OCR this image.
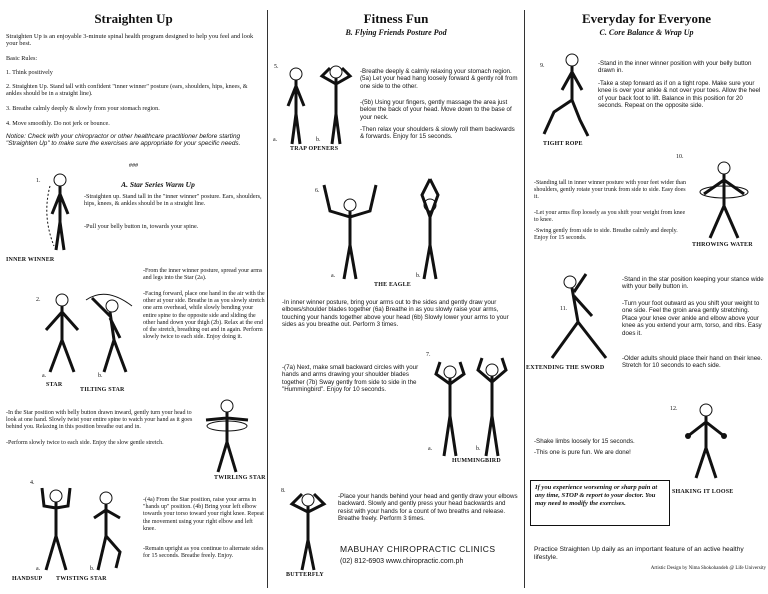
Straighten Up
Straighten Up is an enjoyable 3-minute spinal health program designed to help you feel and look your best.
Basic Rules:
1. Think positively
2. Straighten Up. Stand tall with confident "inner winner" posture (ears, shoulders, hips, knees, & ankles should be in a straight line).
3. Breathe calmly deeply & slowly from your stomach region.
4. Move smoothly. Do not jerk or bounce.
Notice: Check with your chiropractor or other healthcare practitioner before starting "Straighten Up" to make sure the exercises are appropriate for your specific needs.
###
1.	A. Star Series Warm Up
-Straighten up. Stand tall in the "inner winner" posture. Ears, shoulders, hips, knees, & ankles should be in a straight line.
-Pull your belly button in, towards your spine.
INNER WINNER
2.
a.	b.
-From the inner winner posture, spread your arms and legs into the Star (2a).
-Facing forward, place one hand in the air with the other at your side. Breathe in as you slowly stretch one arm overhead, while slowly bending your entire spine to the opposite side and sliding the other hand down your thigh (2b). Relax at the end of the stretch, breathing out and in again. Perform slowly twice to each side. Enjoy doing it.
STAR
TILTING STAR
-In the Star position with belly button drawn inward, gently turn your head to look at one hand. Slowly twist your entire spine to watch your hand as it goes behind you. Relaxing in this position breathe out and in.
-Perform slowly twice to each side. Enjoy the slow gentle stretch.
TWIRLING STAR
4.
a.	b.
-(4a) From the Star position, raise your arms in "hands up" position. (4b) Bring your left elbow towards your torso toward your right knee. Repeat the movement using your right elbow and left knee.
-Remain upright as you continue to alternate sides for 15 seconds. Breathe freely. Enjoy.
HANDSUP TWISTING STAR
Fitness Fun
B. Flying Friends Posture Pod
5.
a.	b.
-Breathe deeply & calmly relaxing your stomach region. (5a) Let your head hang loosely forward & gently roll from one side to the other.
-(5b) Using your fingers, gently massage the area just below the back of your head. Move down to the base of your neck.
-Then relax your shoulders & slowly roll them backwards & forwards. Enjoy for 15 seconds.
TRAP OPENERS
6.
a.	b.
THE EAGLE
-In inner winner posture, bring your arms out to the sides and gently draw your elbows/shoulder blades together (6a) Breathe in as you slowly raise your arms, touching your hands together above your head (6b) Slowly lower your arms to your sides as you breathe out. Perform 3 times.
-(7a) Next, make small backward circles with your hands and arms drawing your shoulder blades together (7b) Sway gently from side to side in the "Hummingbird". Enjoy for 10 seconds.
7.
a.	b.
HUMMINGBIRD
8.
-Place your hands behind your head and gently draw your elbows backward. Slowly and gently press your head backwards and resist with your hands for a count of two breaths and release. Breathe freely. Perform 3 times.
BUTTERFLY
MABUHAY CHIROPRACTIC CLINICS
(02) 812-6903 www.chiropractic.com.ph
Everyday for Everyone
C. Core Balance & Wrap Up
9.	-Stand in the inner winner position with your belly button drawn in.
-Take a step forward as if on a tight rope. Make sure your knee is over your ankle & not over your toes. Allow the heel of your back foot to lift. Balance in this position for 20 seconds. Repeat on the opposite side.
TIGHT ROPE
10.
-Standing tall in inner winner posture with your feet wider than shoulders, gently rotate your trunk from side to side. Easy does it.
-Let your arms flop loosely as you shift your weight from knee to knee.
-Swing gently from side to side. Breathe calmly and deeply. Enjoy for 15 seconds.
THROWING WATER
11.
-Stand in the star position keeping your stance wide with your belly button in.
-Turn your foot outward as you shift your weight to one side. Feel the groin area gently stretching. Place your knee over ankle and elbow above your knee as you extend your arm, torso, and ribs. Easy does it.
-Older adults should place their hand on their knee. Stretch for 10 seconds to each side.
EXTENDING THE SWORD
12.
-Shake limbs loosely for 15 seconds.
-This one is pure fun. We are done!
SHAKING IT LOOSE
If you experience worsening or sharp pain at any time, STOP & report to your doctor. You may need to modify the exercises.
Practice Straighten Up daily as an important feature of an active healthy lifestyle.
Artistic Design by Nima Shokohandeh @ Life University
